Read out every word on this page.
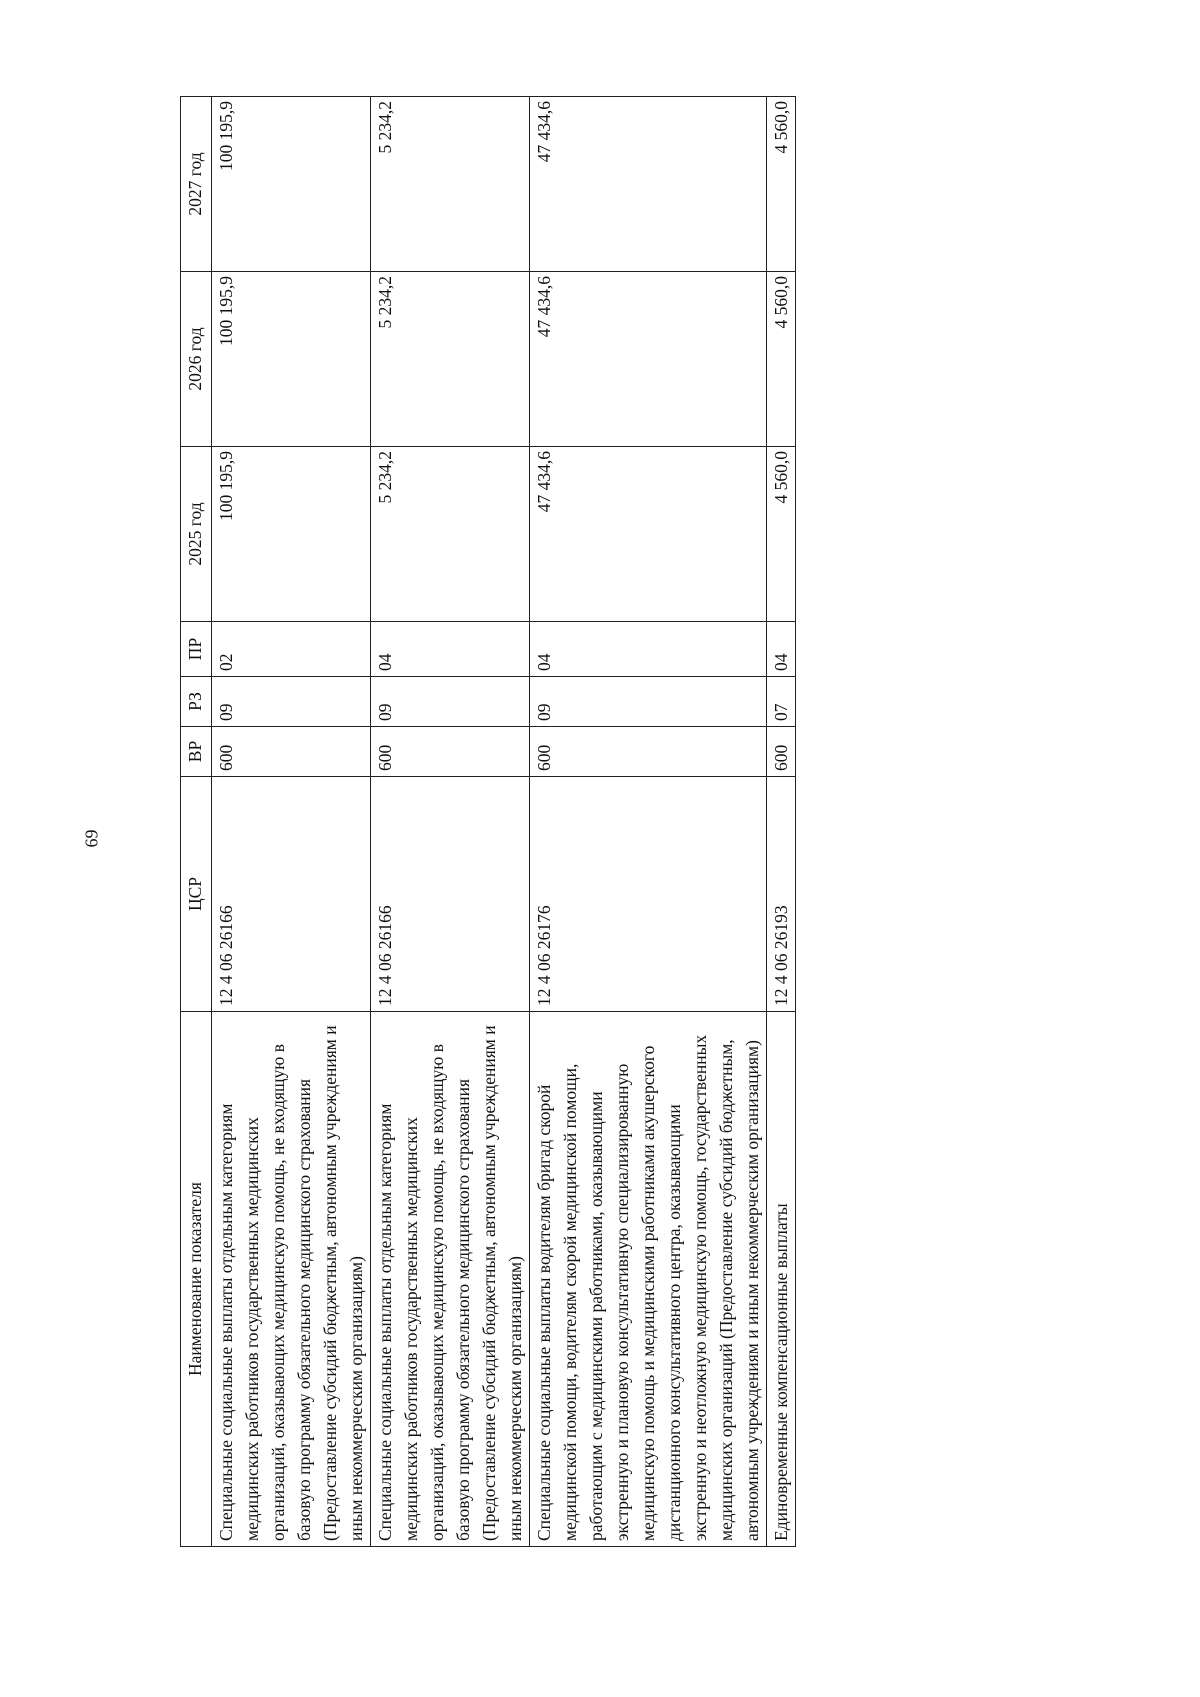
69
Наименование показателя	ЦСР	ВР	РЗ	ПР	2025 год	2026 год	2027 год
Специальные социальные выплаты отдельным категориям медицинских работников государственных медицинских организаций, оказывающих медицинскую помощь, не входящую в базовую программу обязательного медицинского страхования (Предоставление субсидий бюджетным, автономным учреждениям и иным некоммерческим организациям)	12 4 06 26166	600	09	02	100 195,9	100 195,9	100 195,9
Специальные социальные выплаты отдельным категориям медицинских работников государственных медицинских организаций, оказывающих медицинскую помощь, не входящую в базовую программу обязательного медицинского страхования (Предоставление субсидий бюджетным, автономным учреждениям и иным некоммерческим организациям)	12 4 06 26166	600	09	04	5 234,2	5 234,2	5 234,2
Специальные социальные выплаты водителям бригад скорой медицинской помощи, водителям скорой медицинской помощи, работающим с медицинскими работниками, оказывающими экстренную и плановую консультативную специализированную медицинскую помощь и медицинскими работниками акушерского дистанционного консультативного центра, оказывающими экстренную и неотложную медицинскую помощь, государственных медицинских организаций (Предоставление субсидий бюджетным, автономным учреждениям и иным некоммерческим организациям)	12 4 06 26176	600	09	04	47 434,6	47 434,6	47 434,6
Единовременные компенсационные выплаты	12 4 06 26193	600	07	04	4 560,0	4 560,0	4 560,0
